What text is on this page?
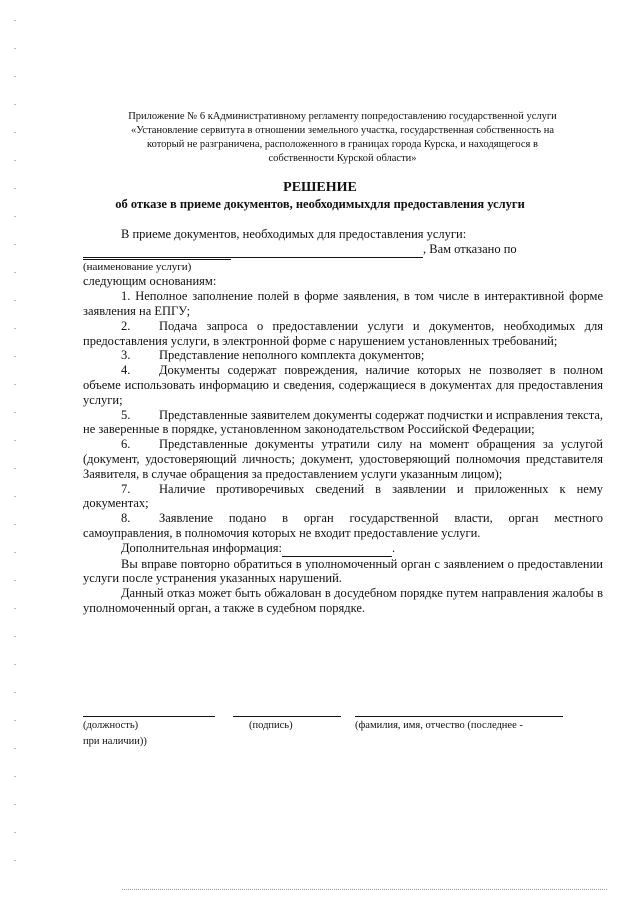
Приложение № 6 кАдминистративному регламенту попредоставлению государственной услуги
«Установление сервитута в отношении земельного участка, государственная собственность на
который не разграничена, расположенного в границах города Курска, и находящегося в
собственности Курской области»
РЕШЕНИЕ
об отказе в приеме документов, необходимыхдля предоставления услуги

В приеме документов, необходимых для предоставления услуги:

, Вам отказано по

(наименование услуги)

следующим основаниям:

1. Неполное заполнение полей в форме заявления, в том числе в интерактивной форме заявления на ЕПГУ;

2. Подача запроса о предоставлении услуги и документов, необходимых для предоставления услуги, в электронной форме с нарушением установленных требований;

3. Представление неполного комплекта документов;

4. Документы содержат повреждения, наличие которых не позволяет в полном объеме использовать информацию и сведения, содержащиеся в документах для предоставления услуги;

5. Представленные заявителем документы содержат подчистки и исправления текста, не заверенные в порядке, установленном законодательством Российской Федерации;

6. Представленные документы утратили силу на момент обращения за услугой (документ, удостоверяющий личность; документ, удостоверяющий полномочия представителя Заявителя, в случае обращения за предоставлением услуги указанным лицом);

7. Наличие противоречивых сведений в заявлении и приложенных к нему документах;

8. Заявление подано в орган государственной власти, орган местного самоуправления, в полномочия которых не входит предоставление услуги.

Дополнительная информация:	.

Вы вправе повторно обратиться в уполномоченный орган с заявлением о предоставлении услуги после устранения указанных нарушений.

Данный отказ может быть обжалован в досудебном порядке путем направления жалобы в уполномоченный орган, а также в судебном порядке.

(должность)	(подпись)	(фамилия, имя, отчество (последнее -
при наличии))
